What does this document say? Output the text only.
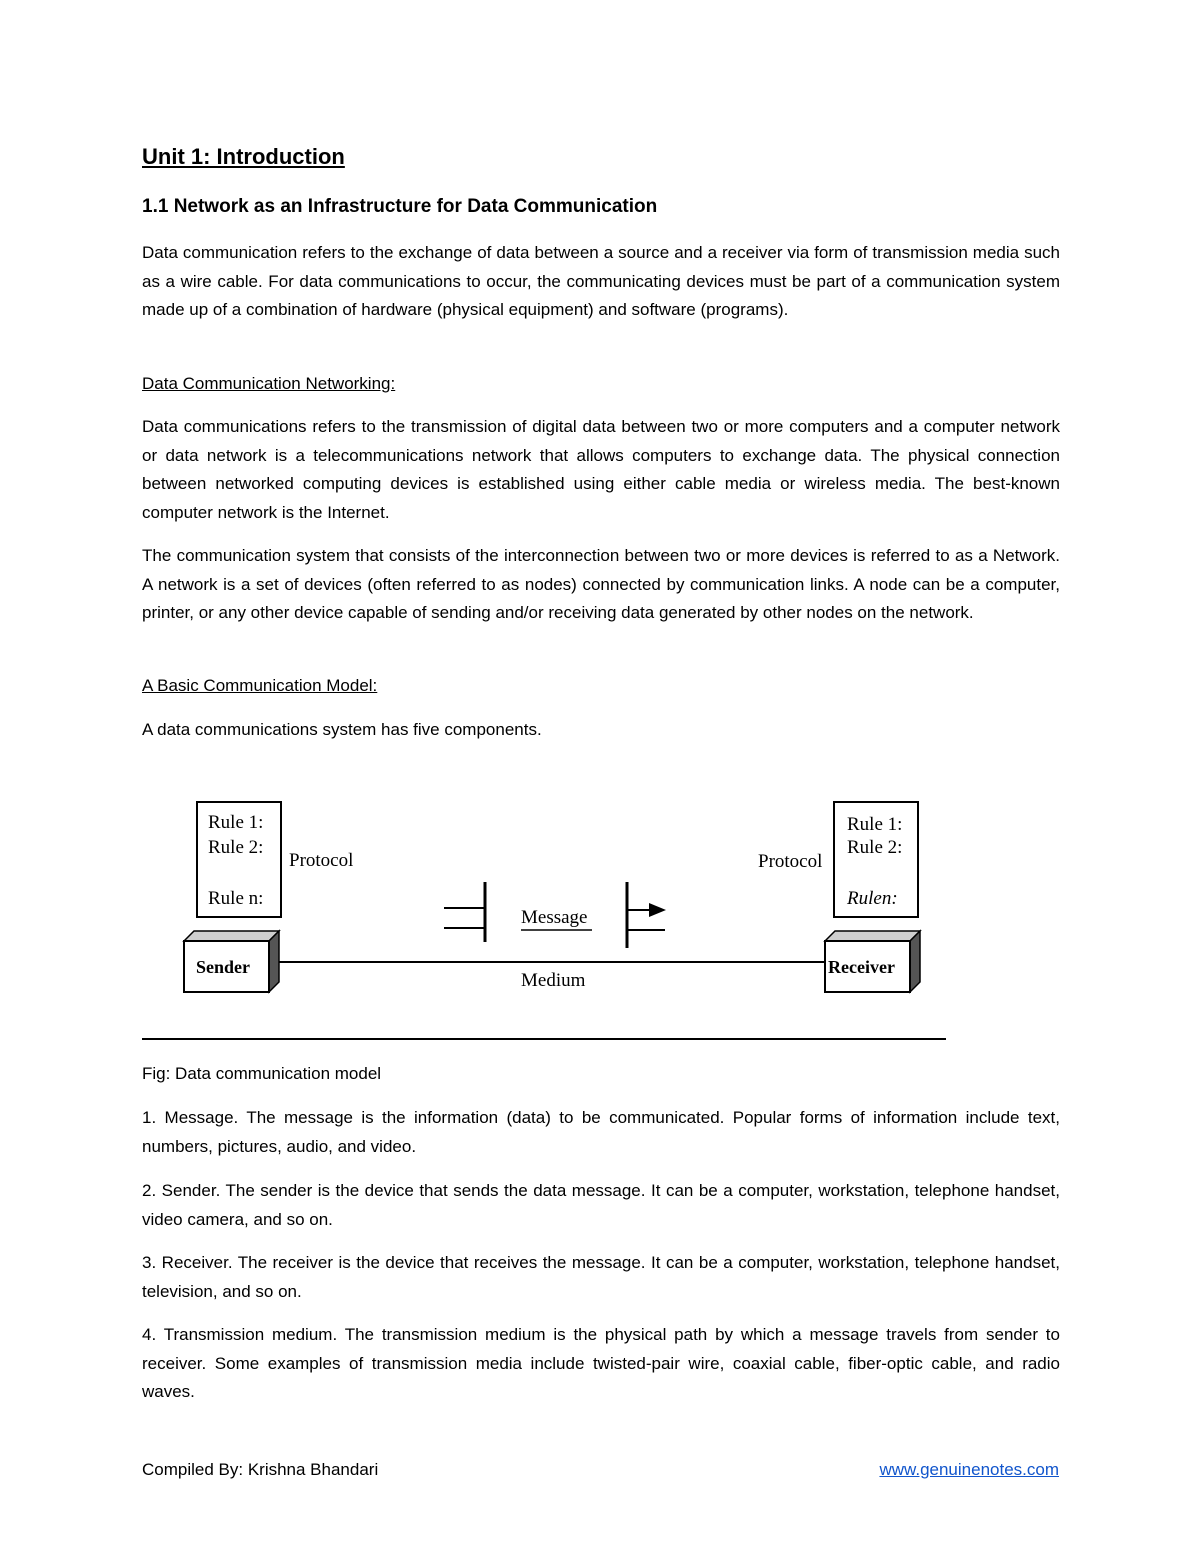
Unit 1: Introduction
1.1 Network as an Infrastructure for Data Communication

Data communication refers to the exchange of data between a source and a receiver via form of transmission media such as a wire cable. For data communications to occur, the communicating devices must be part of a communication system made up of a combination of hardware (physical equipment) and software (programs).

Data Communication Networking:

Data communications refers to the transmission of digital data between two or more computers and a computer network or data network is a telecommunications network that allows computers to exchange data. The physical connection between networked computing devices is established using either cable media or wireless media. The best-known computer network is the Internet.

The communication system that consists of the interconnection between two or more devices is referred to as a Network. A network is a set of devices (often referred to as nodes) connected by communication links. A node can be a computer, printer, or any other device capable of sending and/or receiving data generated by other nodes on the network.

A Basic Communication Model:

A data communications system has five components.

Rule 1:
Rule 2:
Rule n:
Protocol
Rule 1:
Rule 2:
Rulen:
Protocol
Message
Sender
Medium
Receiver

Fig: Data communication model

1. Message. The message is the information (data) to be communicated. Popular forms of information include text, numbers, pictures, audio, and video.

2. Sender. The sender is the device that sends the data message. It can be a computer, workstation, telephone handset, video camera, and so on.

3. Receiver. The receiver is the device that receives the message. It can be a computer, workstation, telephone handset, television, and so on.

4. Transmission medium. The transmission medium is the physical path by which a message travels from sender to receiver. Some examples of transmission media include twisted-pair wire, coaxial cable, fiber-optic cable, and radio waves.

Compiled By: Krishna Bhandari	www.genuinenotes.com
